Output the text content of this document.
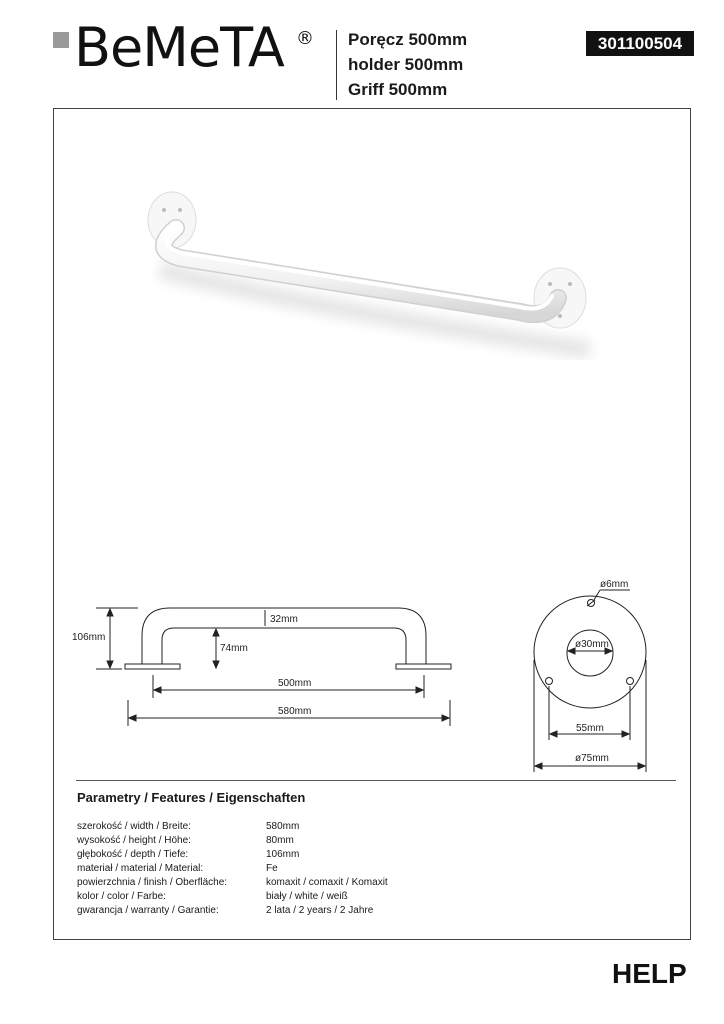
BeMeTA ® Poręcz 500mm
holder 500mm
Griff 500mm
301100504
106mm
32mm
74mm
500mm
580mm
ø6mm
ø30mm
55mm
ø75mm
Parametry / Features / Eigenschaften
szerokość / width / Breite:	580mm
wysokość / height / Höhe:	80mm
głębokość / depth / Tiefe:	106mm
materiał / material / Material:	Fe
powierzchnia / finish / Oberfläche:	komaxit / comaxit / Komaxit
kolor / color / Farbe:	biały / white / weiß
gwarancja / warranty / Garantie:	2 lata / 2 years / 2 Jahre
HELP
